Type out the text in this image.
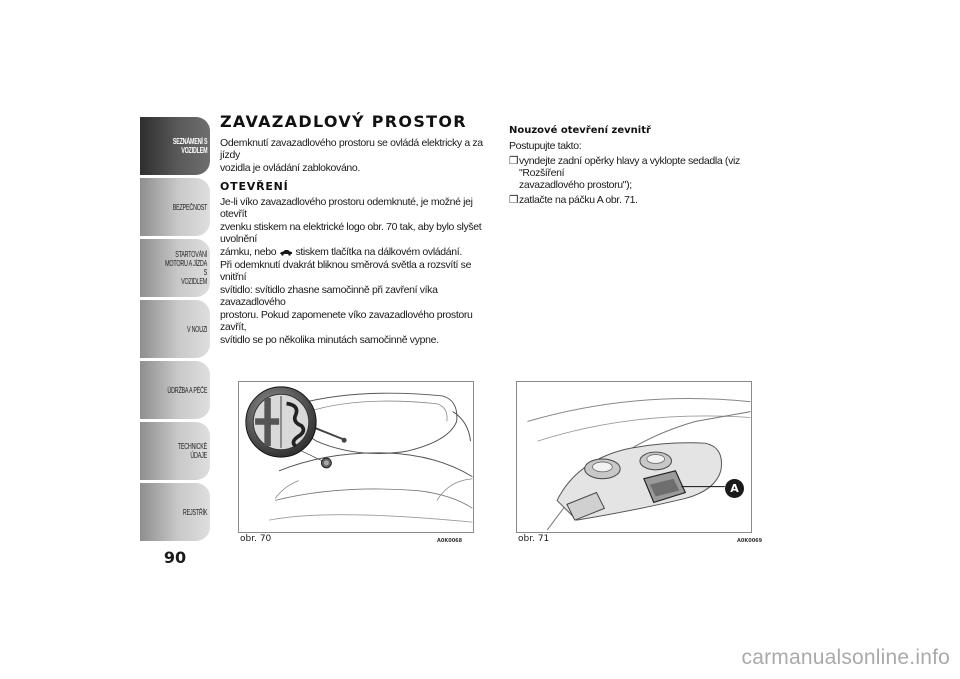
SEZNÁMENÍ S
VOZIDLEM
BEZPEČNOST
STARTOVÁNÍ
MOTORU A JÍZDA S
VOZIDLEM
V NOUZI
ÚDRŽBA A PÉČE
TECHNICKÉ ÚDAJE
REJSTŘÍK
90
ZAVAZADLOVÝ PROSTOR
Odemknutí zavazadlového prostoru se ovládá elektricky a za jízdy
vozidla je ovládání zablokováno.
OTEVŘENÍ
Je-li víko zavazadlového prostoru odemknuté, je možné jej otevřít
zvenku stiskem na elektrické logo obr. 70 tak, aby bylo slyšet uvolnění
zámku, nebo stiskem tlačítka na dálkovém ovládání.
Při odemknutí dvakrát bliknou směrová světla a rozsvítí se vnitřní
svítidlo: svítidlo zhasne samočinně při zavření víka zavazadlového
prostoru. Pokud zapomenete víko zavazadlového prostoru zavřít,
svítidlo se po několika minutách samočinně vypne.
Nouzové otevření zevnitř
Postupujte takto:
❒ vyndejte zadní opěrky hlavy a vyklopte sedadla (viz "Rozšíření
zavazadlového prostoru");
❒ zatlačte na páčku A obr. 71.
obr. 70	A0K0068
A
obr. 71	A0K0069
carmanualsonline.info
